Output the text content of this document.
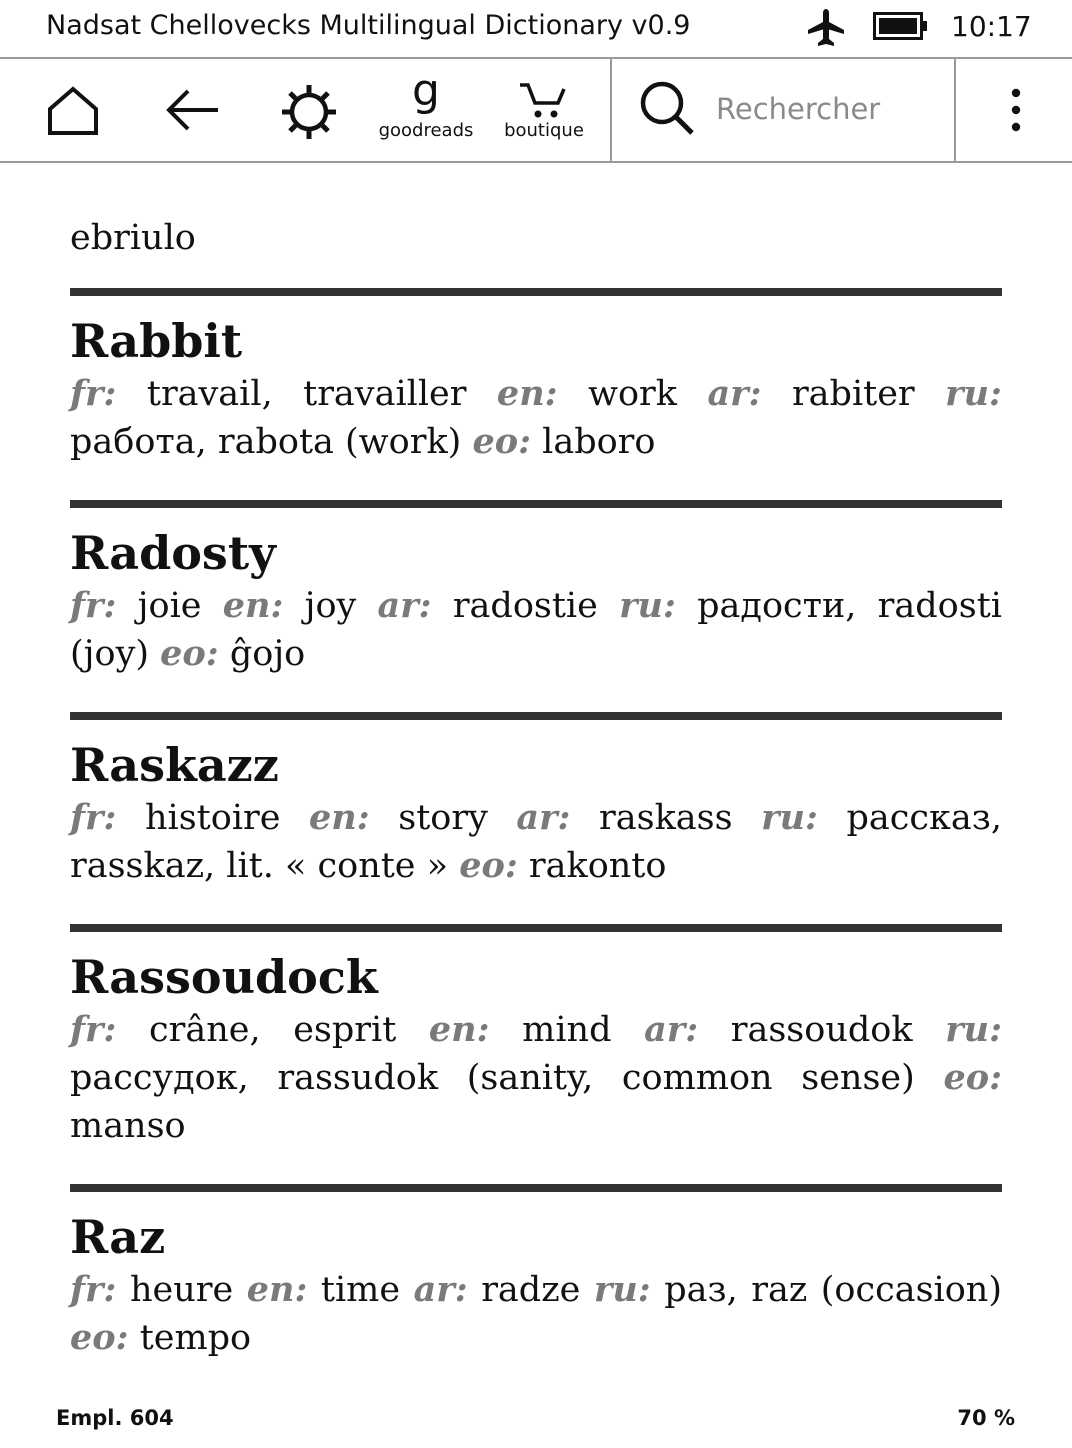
Nadsat Chellovecks Multilingual Dictionary v0.9	10:17
g
goodreads	boutique
Rechercher
ebriulo
Rabbit
fr: travail, travailler en: work ar: rabiter ru: работа, rabota (work) eo: laboro
Radosty
fr: joie en: joy ar: radostie ru: радости, radosti (joy) eo: ĝojo
Raskazz
fr: histoire en: story ar: raskass ru: рассказ, rasskaz, lit. « conte » eo: rakonto
Rassoudock
fr: crâne, esprit en: mind ar: rassoudok ru: рассудок, rassudok (sanity, common sense) eo: manso
Raz
fr: heure en: time ar: radze ru: раз, raz (occasion) eo: tempo
Empl. 604	70 %
